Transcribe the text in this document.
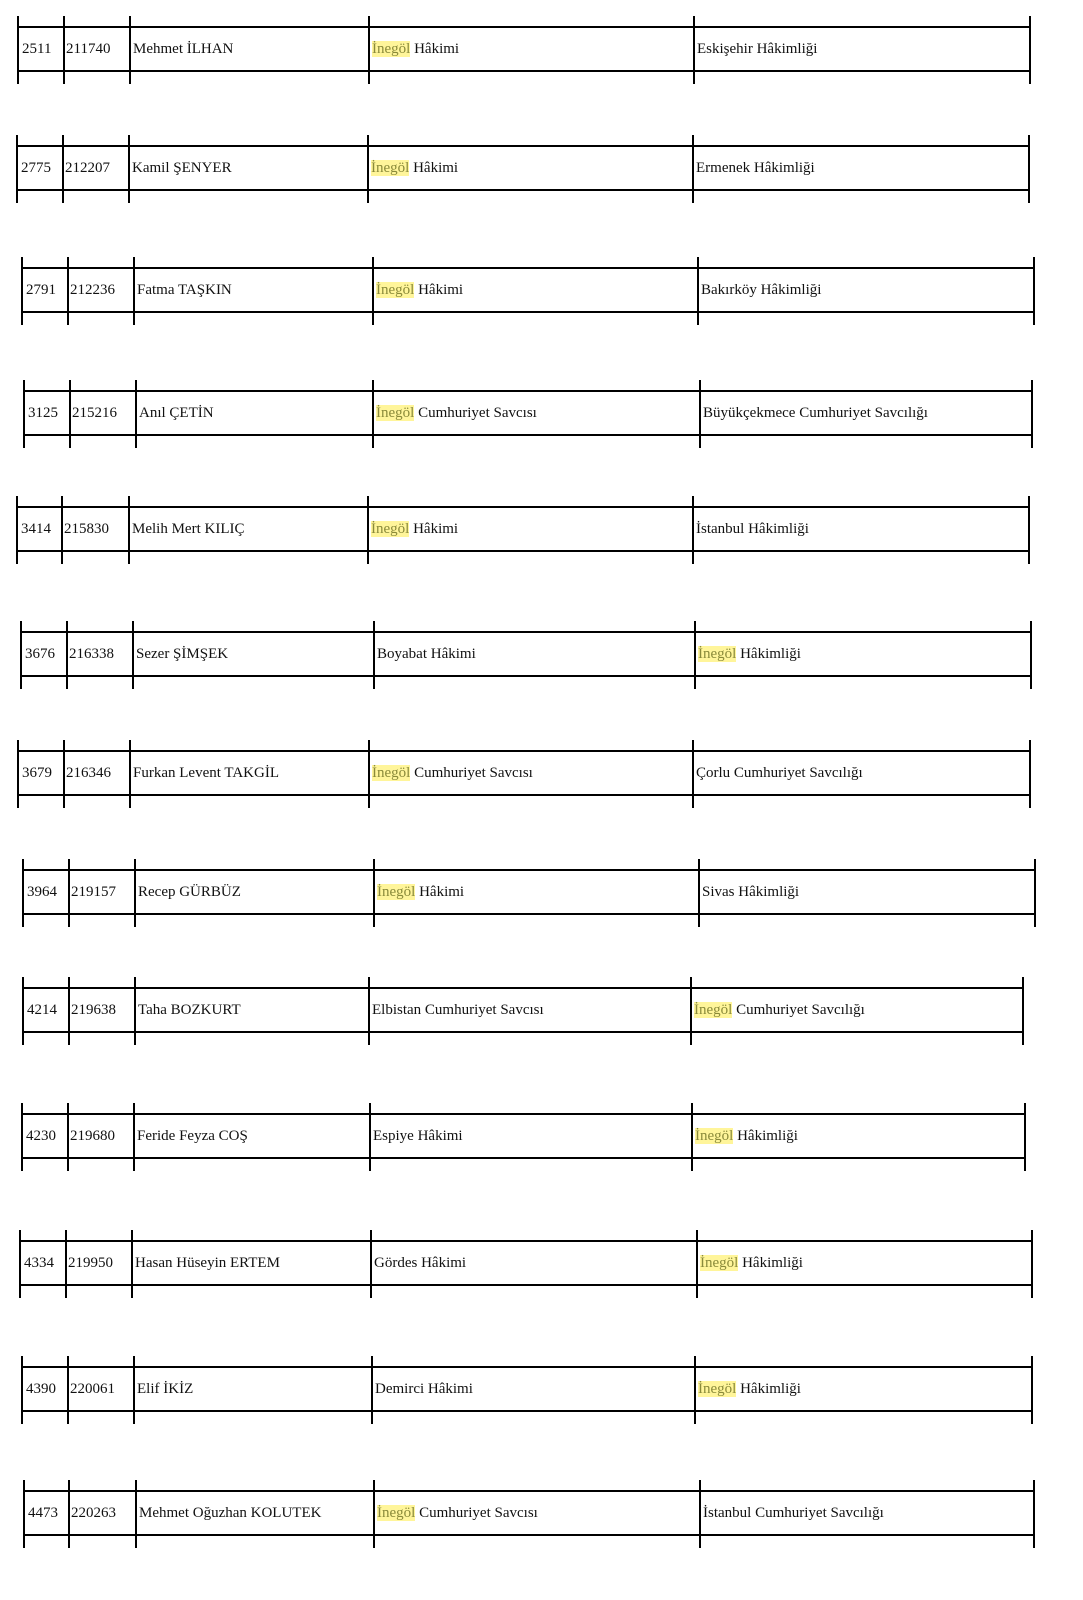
2511 211740	Mehmet İLHAN	İnegöl Hâkimi	Eskişehir Hâkimliği
2775 212207	Kamil ŞENYER	İnegöl Hâkimi	Ermenek Hâkimliği
2791 212236	Fatma TAŞKIN	İnegöl Hâkimi	Bakırköy Hâkimliği
3125 215216	Anıl ÇETİN	İnegöl Cumhuriyet Savcısı	Büyükçekmece Cumhuriyet Savcılığı
3414 215830	Melih Mert KILIÇ	İnegöl Hâkimi	İstanbul Hâkimliği
3676 216338	Sezer ŞİMŞEK	Boyabat Hâkimi	İnegöl Hâkimliği
3679 216346	Furkan Levent TAKGİL	İnegöl Cumhuriyet Savcısı	Çorlu Cumhuriyet Savcılığı
3964 219157	Recep GÜRBÜZ	İnegöl Hâkimi	Sivas Hâkimliği
4214 219638	Taha BOZKURT	Elbistan Cumhuriyet Savcısı	İnegöl Cumhuriyet Savcılığı
4230 219680	Feride Feyza COŞ	Espiye Hâkimi	İnegöl Hâkimliği
4334 219950	Hasan Hüseyin ERTEM	Gördes Hâkimi	İnegöl Hâkimliği
4390 220061	Elif İKİZ	Demirci Hâkimi	İnegöl Hâkimliği
4473 220263	Mehmet Oğuzhan KOLUTEK	İnegöl Cumhuriyet Savcısı	İstanbul Cumhuriyet Savcılığı
